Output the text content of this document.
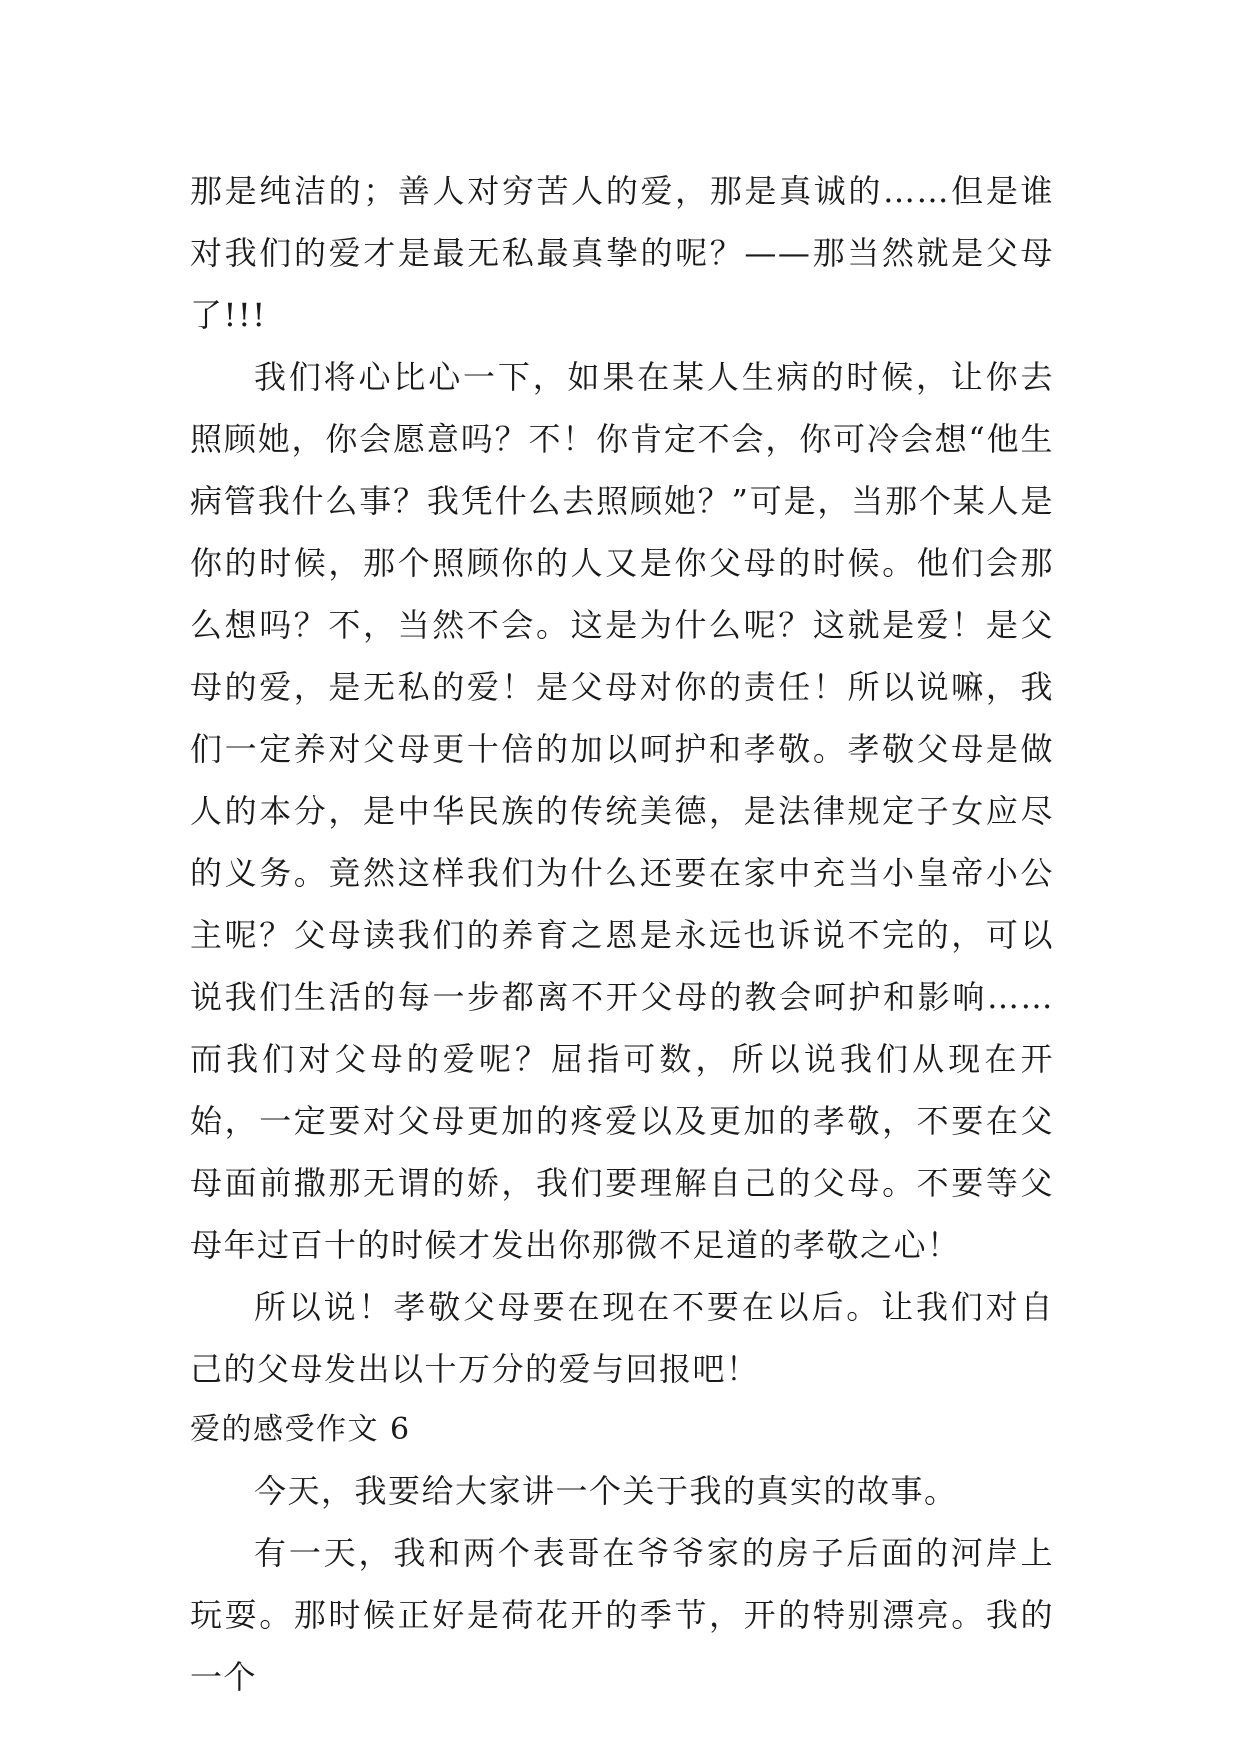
那是纯洁的；善人对穷苦人的爱，那是真诚的……但是谁对我们的爱才是最无私最真挚的呢？——那当然就是父母了!!!

我们将心比心一下，如果在某人生病的时候，让你去照顾她，你会愿意吗？不！你肯定不会，你可冷会想“他生病管我什么事？我凭什么去照顾她？”可是，当那个某人是你的时候，那个照顾你的人又是你父母的时候。他们会那么想吗？不，当然不会。这是为什么呢？这就是爱！是父母的爱，是无私的爱！是父母对你的责任！所以说嘛，我们一定养对父母更十倍的加以呵护和孝敬。孝敬父母是做人的本分，是中华民族的传统美德，是法律规定子女应尽的义务。竟然这样我们为什么还要在家中充当小皇帝小公主呢？父母读我们的养育之恩是永远也诉说不完的，可以说我们生活的每一步都离不开父母的教会呵护和影响……而我们对父母的爱呢？屈指可数，所以说我们从现在开始，一定要对父母更加的疼爱以及更加的孝敬，不要在父母面前撒那无谓的娇，我们要理解自己的父母。不要等父母年过百十的时候才发出你那微不足道的孝敬之心！

所以说！孝敬父母要在现在不要在以后。让我们对自己的父母发出以十万分的爱与回报吧！

爱的感受作文 6

今天，我要给大家讲一个关于我的真实的故事。

有一天，我和两个表哥在爷爷家的房子后面的河岸上玩耍。那时候正好是荷花开的季节，开的特别漂亮。我的一个
